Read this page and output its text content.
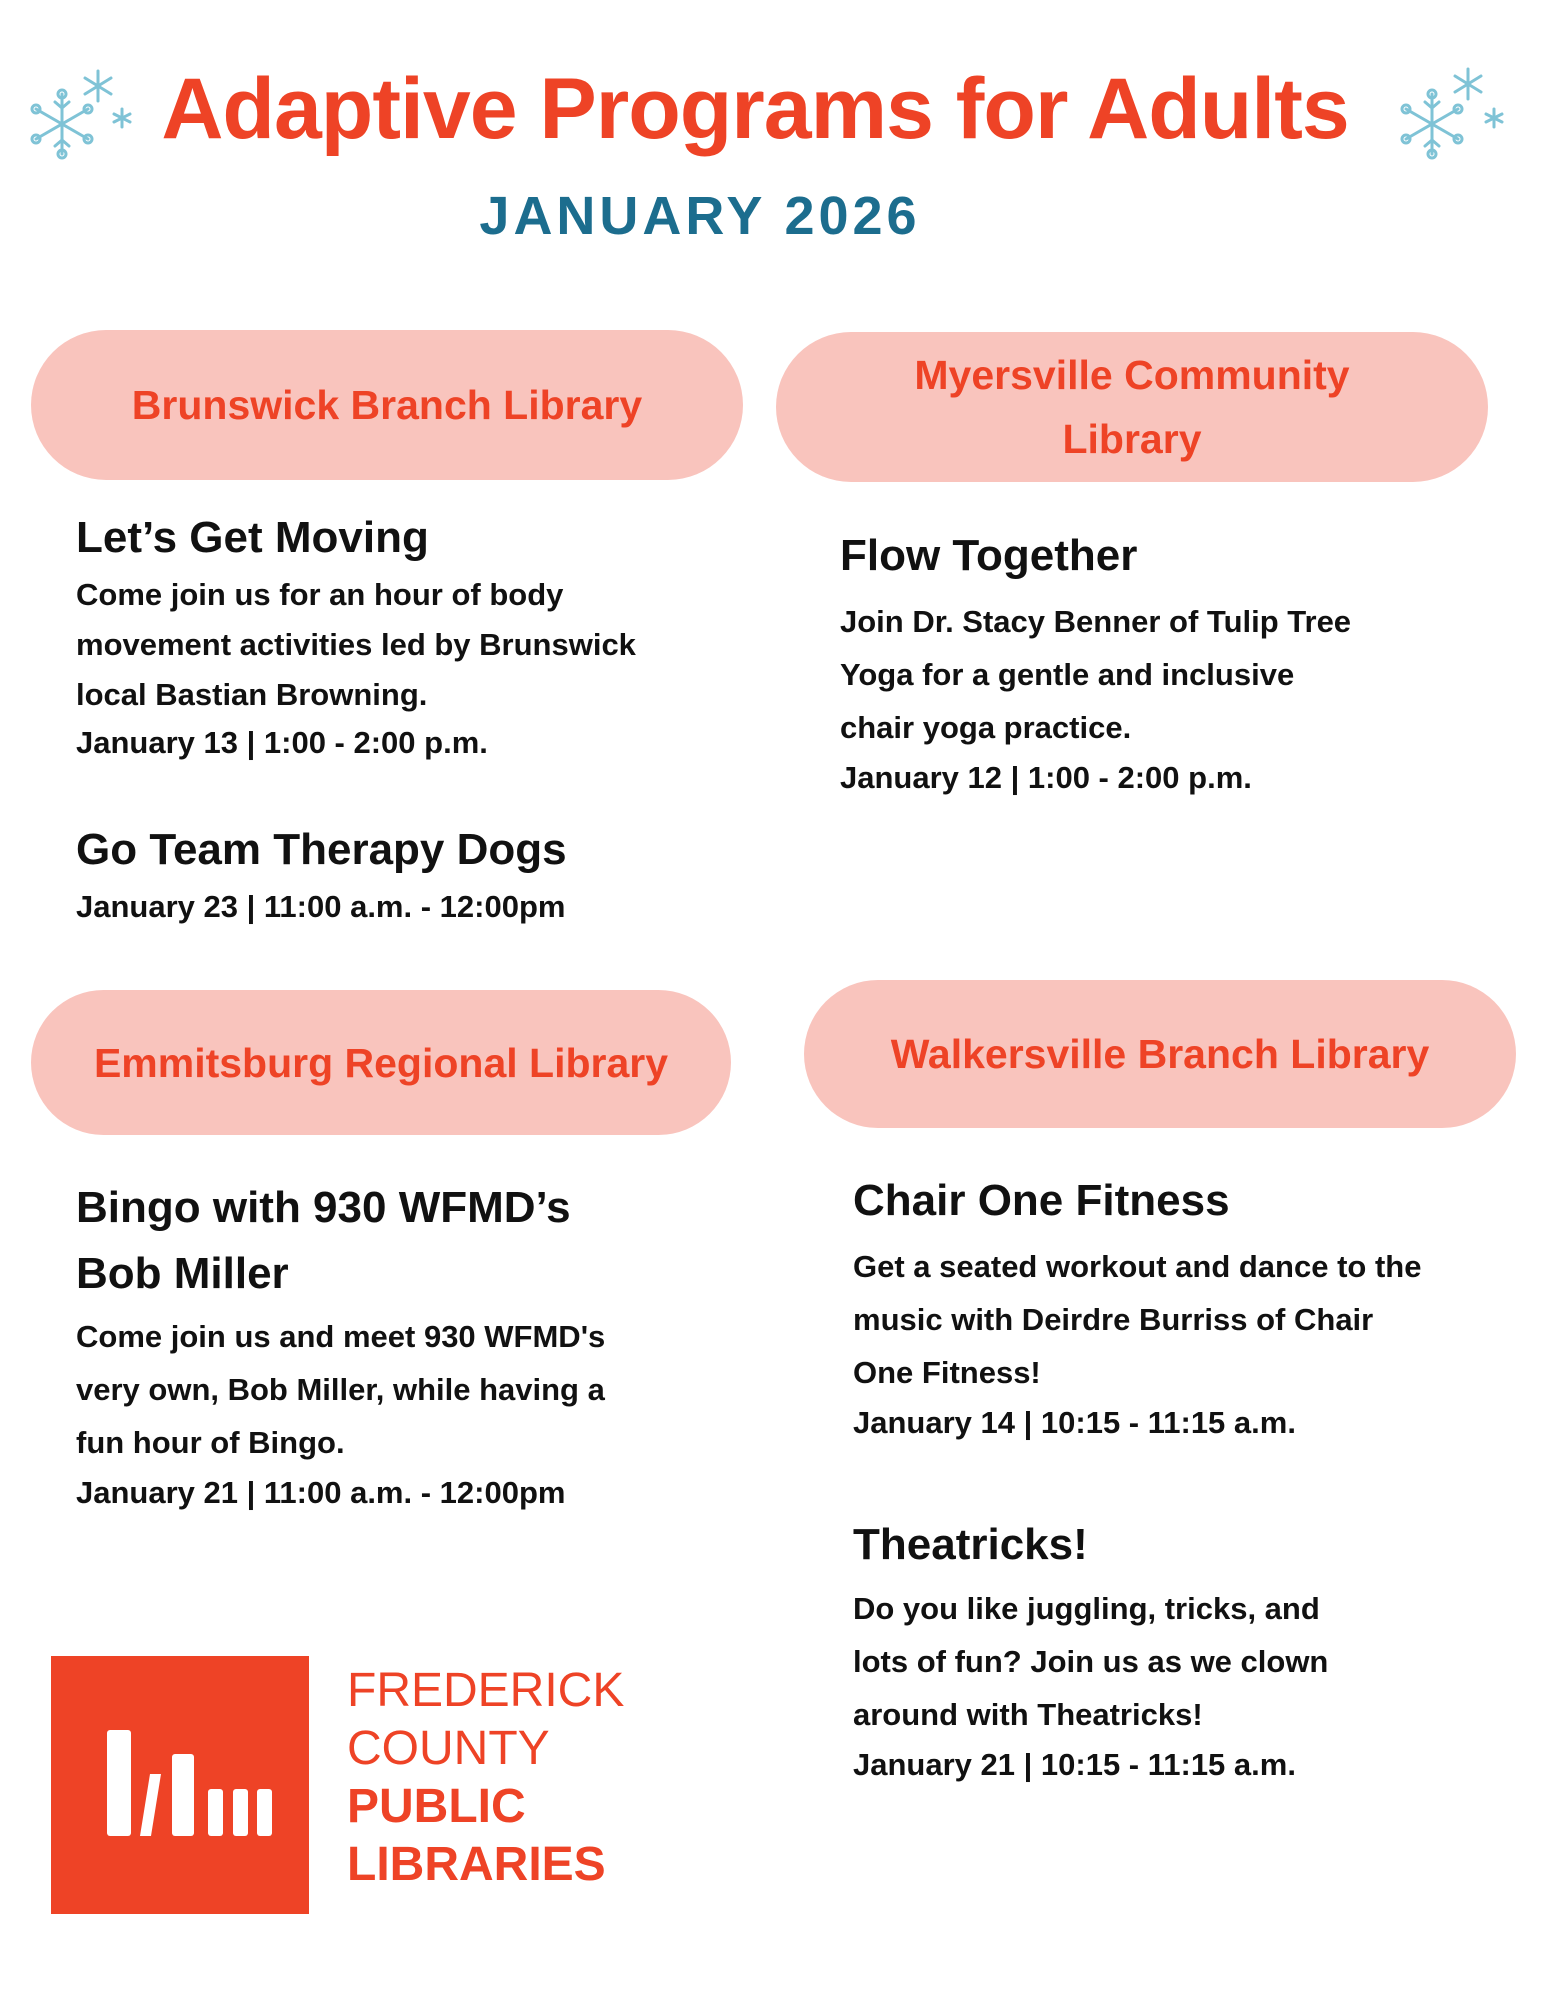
Adaptive Programs for Adults
JANUARY 2026
Brunswick Branch Library
Let’s Get Moving
Come join us for an hour of body movement activities led by Brunswick local Bastian Browning.
January 13 | 1:00 - 2:00 p.m.
Go Team Therapy Dogs
January 23 | 11:00 a.m. - 12:00pm
Myersville Community Library
Flow Together
Join Dr. Stacy Benner of Tulip Tree Yoga for a gentle and inclusive chair yoga practice.
January 12 | 1:00 - 2:00 p.m.
Emmitsburg Regional Library
Bingo with 930 WFMD’s Bob Miller
Come join us and meet 930 WFMD's very own, Bob Miller, while having a fun hour of Bingo.
January 21 | 11:00 a.m. - 12:00pm
Walkersville Branch Library
Chair One Fitness
Get a seated workout and dance to the music with Deirdre Burriss of Chair One Fitness!
January 14 | 10:15 - 11:15 a.m.
Theatricks!
Do you like juggling, tricks, and lots of fun? Join us as we clown around with Theatricks!
January 21 | 10:15 - 11:15 a.m.
FREDERICK
COUNTY
PUBLIC
LIBRARIES
